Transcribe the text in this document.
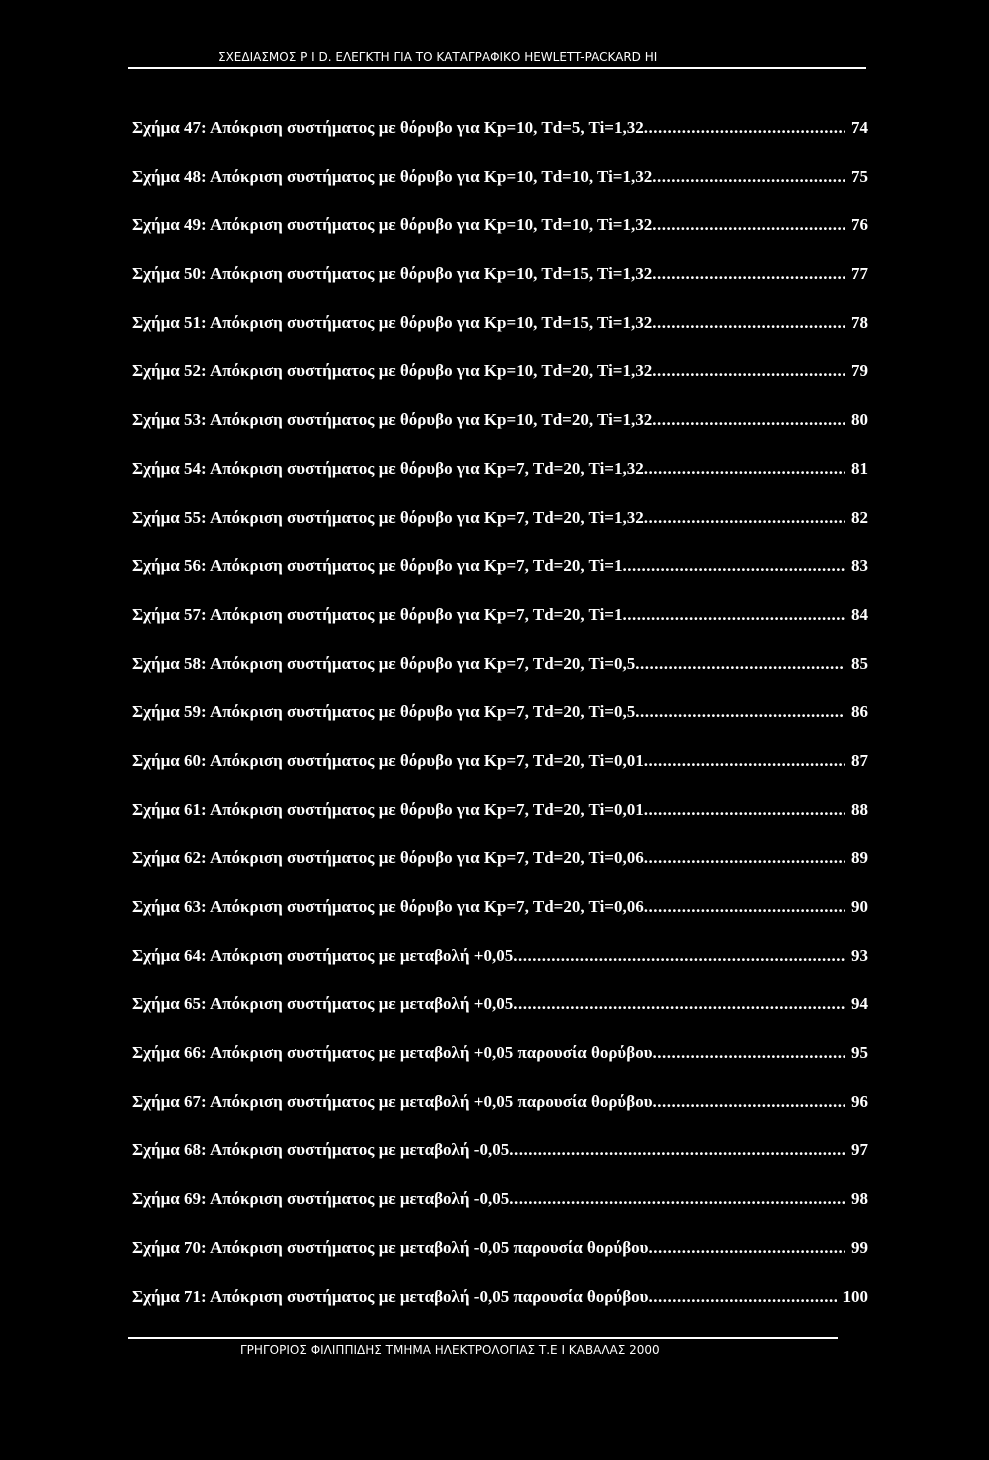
ΣΧΕΔΙΑΣΜΟΣ Ρ Ι D. ΕΛΕΓΚΤΗ ΓΙΑ ΤΟ ΚΑΤΑΓΡΑΦΙΚΟ HEWLETT-PACKARD HI
Σχήμα 47: Απόκριση συστήματος με θόρυβο για Κp=10, Td=5, Ti=1,32 .....	74
Σχήμα 48: Απόκριση συστήματος με θόρυβο για Κp=10, Td=10, Ti=1,32 .....	75
Σχήμα 49: Απόκριση συστήματος με θόρυβο για Κp=10, Td=10, Ti=1,32 .....	76
Σχήμα 50: Απόκριση συστήματος με θόρυβο για Κp=10, Td=15, Ti=1,32 .....	77
Σχήμα 51: Απόκριση συστήματος με θόρυβο για Κp=10, Td=15, Ti=1,32 .....	78
Σχήμα 52: Απόκριση συστήματος με θόρυβο για Κp=10, Td=20, Ti=1,32 .....	79
Σχήμα 53: Απόκριση συστήματος με θόρυβο για Κp=10, Td=20, Ti=1,32 .....	80
Σχήμα 54: Απόκριση συστήματος με θόρυβο για Κp=7, Td=20, Ti=1,32 .....	81
Σχήμα 55: Απόκριση συστήματος με θόρυβο για Κp=7, Td=20, Ti=1,32 .....	82
Σχήμα 56: Απόκριση συστήματος με θόρυβο για Κp=7, Td=20, Ti=1 .....	83
Σχήμα 57: Απόκριση συστήματος με θόρυβο για Κp=7, Td=20, Ti=1 .....	84
Σχήμα 58: Απόκριση συστήματος με θόρυβο για Κp=7, Td=20, Ti=0,5 .....	85
Σχήμα 59: Απόκριση συστήματος με θόρυβο για Κp=7, Td=20, Ti=0,5 .....	86
Σχήμα 60: Απόκριση συστήματος με θόρυβο για Κp=7, Td=20, Ti=0,01 .....	87
Σχήμα 61: Απόκριση συστήματος με θόρυβο για Κp=7, Td=20, Ti=0,01 .....	88
Σχήμα 62: Απόκριση συστήματος με θόρυβο για Κp=7, Td=20, Ti=0,06 .....	89
Σχήμα 63: Απόκριση συστήματος με θόρυβο για Κp=7, Td=20, Ti=0,06 .....	90
Σχήμα 64: Απόκριση συστήματος με μεταβολή +0,05 .....	93
Σχήμα 65: Απόκριση συστήματος με μεταβολή +0,05 .....	94
Σχήμα 66: Απόκριση συστήματος με μεταβολή +0,05 παρουσία θορύβου .....	95
Σχήμα 67: Απόκριση συστήματος με μεταβολή +0,05 παρουσία θορύβου .....	96
Σχήμα 68: Απόκριση συστήματος με μεταβολή -0,05 .....	97
Σχήμα 69: Απόκριση συστήματος με μεταβολή -0,05 .....	98
Σχήμα 70: Απόκριση συστήματος με μεταβολή -0,05 παρουσία θορύβου .....	99
Σχήμα 71: Απόκριση συστήματος με μεταβολή -0,05 παρουσία θορύβου .....	100
ΓΡΗΓΟΡΙΟΣ ΦΙΛΙΠΠΙΔΗΣ ΤΜΗΜΑ ΗΛΕΚΤΡΟΛΟΓΙΑΣ Τ.Ε Ι ΚΑΒΑΛΑΣ 2000
